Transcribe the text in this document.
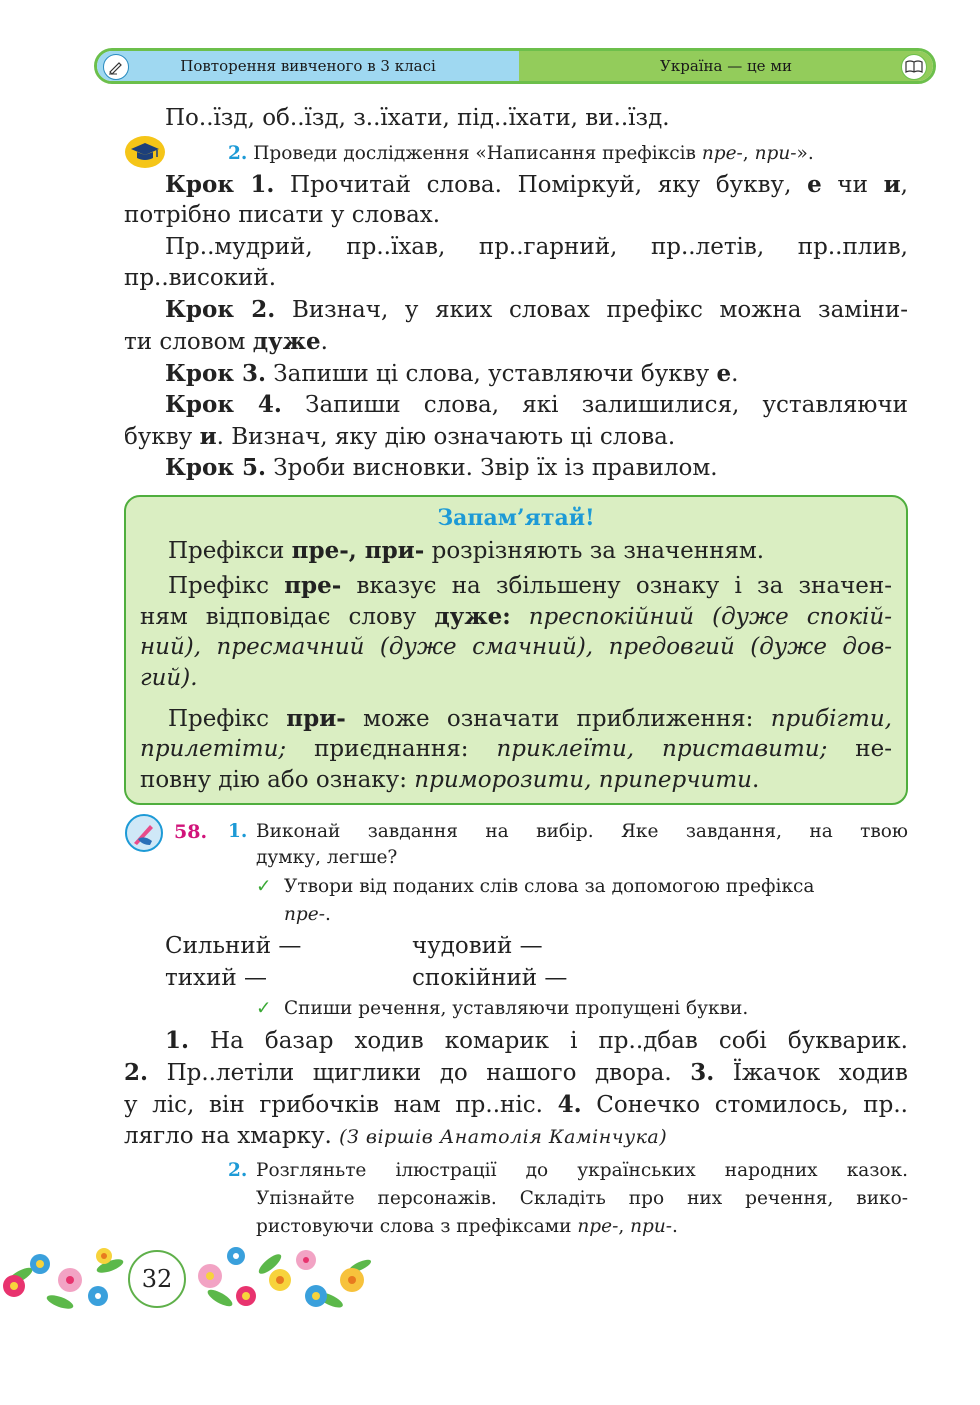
Повторення вивченого в 3 класі	Україна — це ми
По..їзд, об..їзд, з..їхати, під..їхати, ви..їзд.
2. Проведи дослідження «Написання префіксів пре-, при-».
Крок 1. Прочитай слова. Поміркуй, яку букву, е чи и,
потрібно писати у словах.
Пр..мудрий, пр..їхав, пр..гарний, пр..летів, пр..плив,
пр..високий.
Крок 2. Визнач, у яких словах префікс можна заміни-
ти словом дуже.
Крок 3. Запиши ці слова, уставляючи букву е.
Крок 4. Запиши слова, які залишилися, уставляючи
букву и. Визнач, яку дію означають ці слова.
Крок 5. Зроби висновки. Звір їх із правилом.
Запам’ятай!
Префікси пре-, при- розрізняють за значенням.
Префікс пре- вказує на збільшену ознаку і за значен-
ням відповідає слову дуже: преспокійний (дуже спокій-
ний), пресмачний (дуже смачний), предовгий (дуже дов-
гий).
Префікс при- може означати приближення: прибігти,
прилетіти; приєднання: приклеїти, приставити; не-
повну дію або ознаку: приморозити, приперчити.
58. 1. Виконай завдання на вибір. Яке завдання, на твою
думку, легше?
✓ Утвори від поданих слів слова за допомогою префікса
пре-.
Сильний —	чудовий —
тихий —	спокійний —
✓ Спиши речення, уставляючи пропущені букви.
1. На базар ходив комарик і пр..дбав собі букварик.
2. Пр..летіли щиглики до нашого двора. 3. Їжачок ходив
у ліс, він грибочків нам пр..ніс. 4. Сонечко стомилось, пр..
лягло на хмарку. (З віршів Анатолія Камінчука)
2. Розгляньте ілюстрації до українських народних казок.
Упізнайте персонажів. Складіть про них речення, вико-
ристовуючи слова з префіксами пре-, при-.
32
